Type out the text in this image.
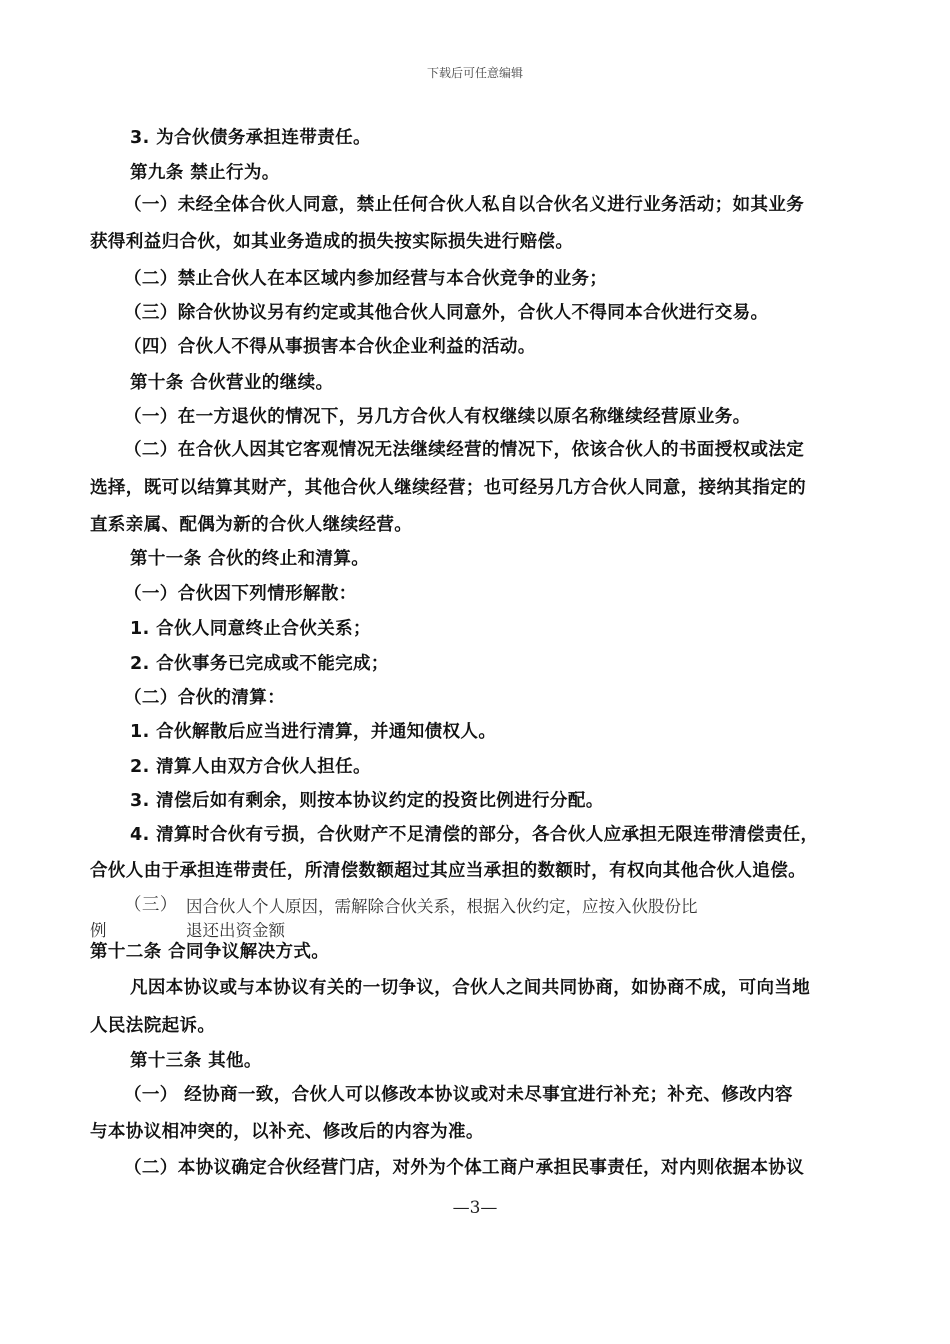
下载后可任意编辑
3. 为合伙债务承担连带责任。
第九条 禁止行为。
（一）未经全体合伙人同意，禁止任何合伙人私自以合伙名义进行业务活动；如其业务
获得利益归合伙，如其业务造成的损失按实际损失进行赔偿。
（二）禁止合伙人在本区域内参加经营与本合伙竞争的业务；
（三）除合伙协议另有约定或其他合伙人同意外，合伙人不得同本合伙进行交易。
（四）合伙人不得从事损害本合伙企业利益的活动。
第十条 合伙营业的继续。
（一）在一方退伙的情况下，另几方合伙人有权继续以原名称继续经营原业务。
（二）在合伙人因其它客观情况无法继续经营的情况下，依该合伙人的书面授权或法定
选择，既可以结算其财产，其他合伙人继续经营；也可经另几方合伙人同意，接纳其指定的
直系亲属、配偶为新的合伙人继续经营。
第十一条 合伙的终止和清算。
（一）合伙因下列情形解散：
1. 合伙人同意终止合伙关系；
2. 合伙事务已完成或不能完成；
（二）合伙的清算：
1. 合伙解散后应当进行清算，并通知债权人。
2. 清算人由双方合伙人担任。
3. 清偿后如有剩余，则按本协议约定的投资比例进行分配。
4. 清算时合伙有亏损，合伙财产不足清偿的部分，各合伙人应承担无限连带清偿责任，
合伙人由于承担连带责任，所清偿数额超过其应当承担的数额时，有权向其他合伙人追偿。
（三） 因合伙人个人原因，需解除合伙关系，根据入伙约定，应按入伙股份比
例	退还出资金额
第十二条 合同争议解决方式。
凡因本协议或与本协议有关的一切争议，合伙人之间共同协商，如协商不成，可向当地
人民法院起诉。
第十三条 其他。
（一） 经协商一致，合伙人可以修改本协议或对未尽事宜进行补充；补充、修改内容
与本协议相冲突的，以补充、修改后的内容为准。
（二）本协议确定合伙经营门店，对外为个体工商户承担民事责任，对内则依据本协议
—3—
